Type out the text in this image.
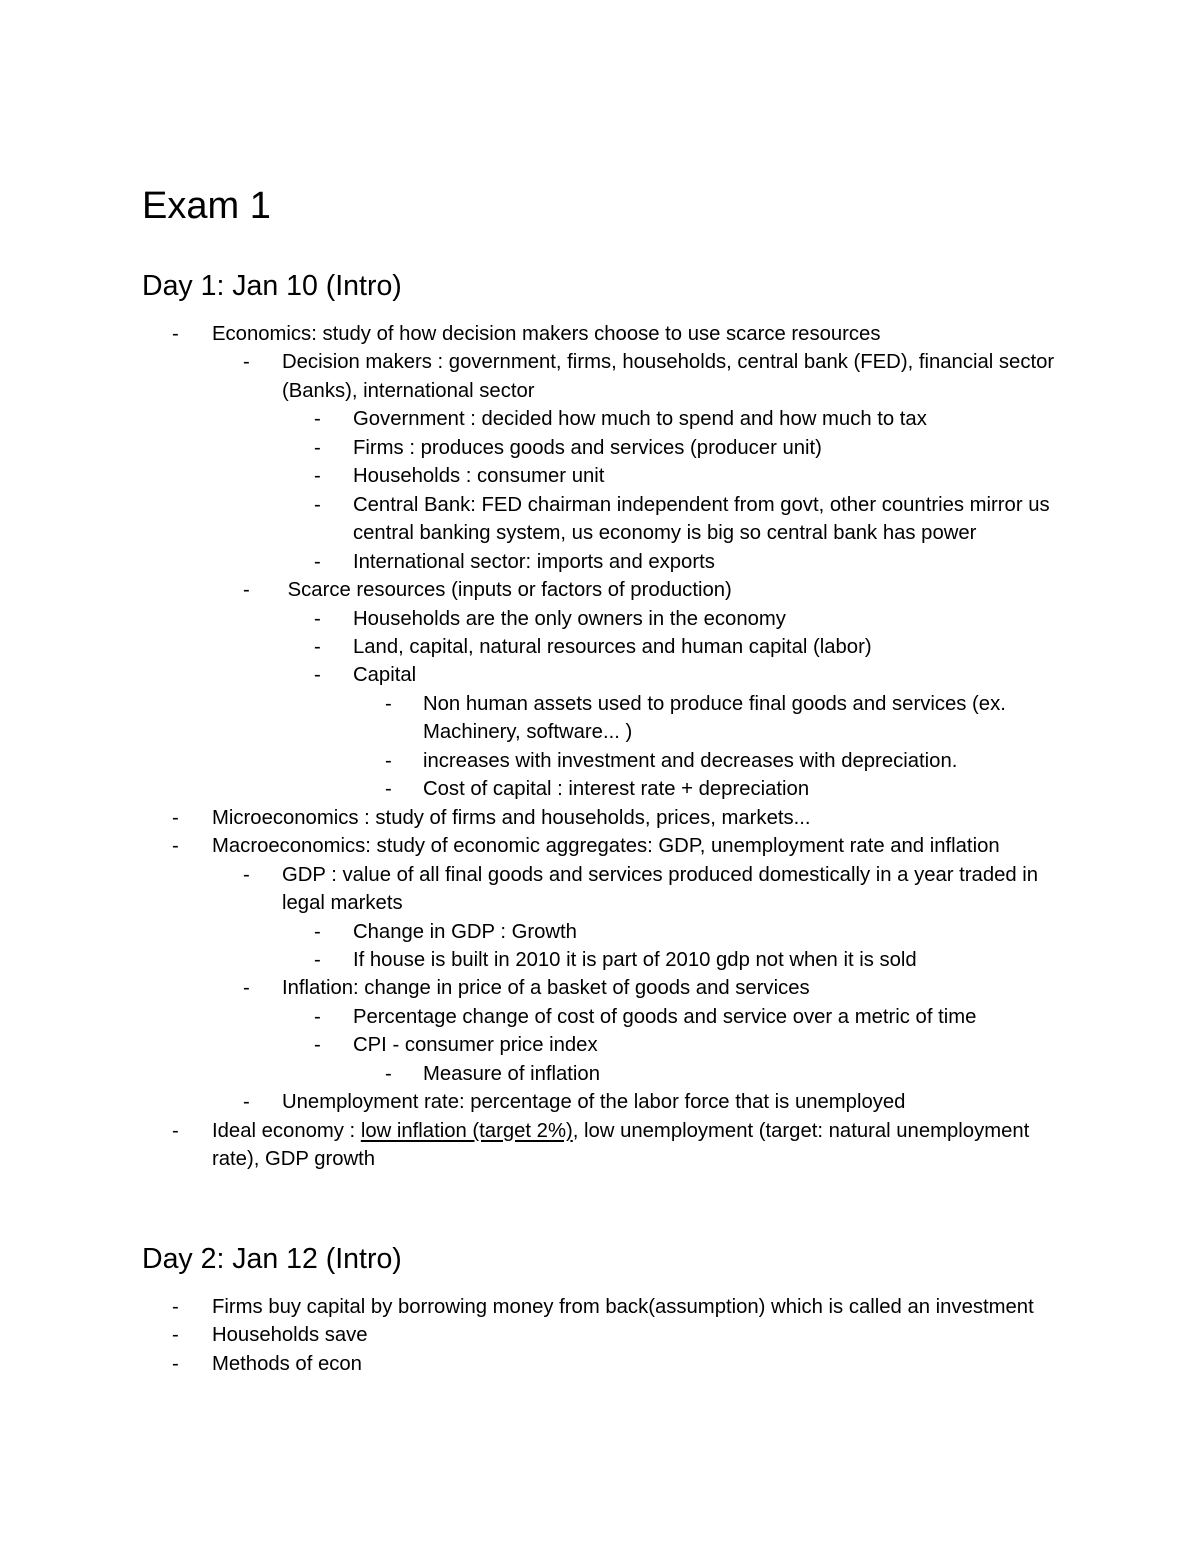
Exam 1
Day 1: Jan 10 (Intro)
- Economics: study of how decision makers choose to use scarce resources
- Decision makers : government, firms, households, central bank (FED), financial sector (Banks), international sector
- Government : decided how much to spend and how much to tax
- Firms : produces goods and services (producer unit)
- Households : consumer unit
- Central Bank: FED chairman independent from govt, other countries mirror us central banking system, us economy is big so central bank has power
- International sector: imports and exports
- Scarce resources (inputs or factors of production)
- Households are the only owners in the economy
- Land, capital, natural resources and human capital (labor)
- Capital
- Non human assets used to produce final goods and services (ex. Machinery, software... )
- increases with investment and decreases with depreciation.
- Cost of capital : interest rate + depreciation
- Microeconomics : study of firms and households, prices, markets...
- Macroeconomics: study of economic aggregates: GDP, unemployment rate and inflation
- GDP : value of all final goods and services produced domestically in a year traded in legal markets
- Change in GDP : Growth
- If house is built in 2010 it is part of 2010 gdp not when it is sold
- Inflation: change in price of a basket of goods and services
- Percentage change of cost of goods and service over a metric of time
- CPI - consumer price index
- Measure of inflation
- Unemployment rate: percentage of the labor force that is unemployed
- Ideal economy : low inflation (target 2%), low unemployment (target: natural unemployment rate), GDP growth
Day 2: Jan 12 (Intro)
- Firms buy capital by borrowing money from back(assumption) which is called an investment
- Households save
- Methods of econ
